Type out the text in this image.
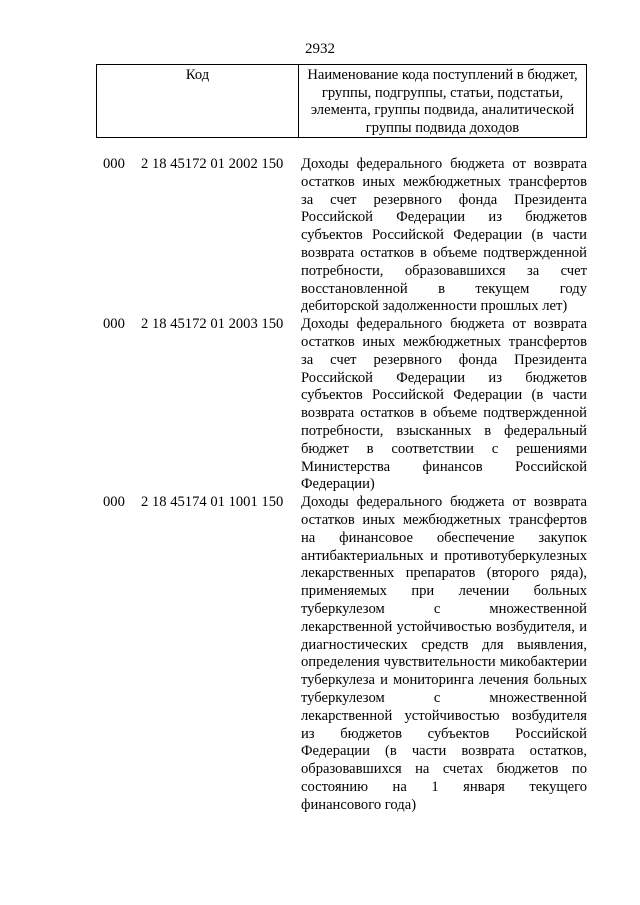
2932
Код	Наименование кода поступлений в бюджет, группы, подгруппы, статьи, подстатьи, элемента, группы подвида, аналитической группы подвида доходов
000 2 18 45172 01 2002 150 Доходы федерального бюджета от возврата остатков иных межбюджетных трансфертов за счет резервного фонда Президента Российской Федерации из бюджетов субъектов Российской Федерации (в части возврата остатков в объеме подтвержденной потребности, образовавшихся за счет восстановленной в текущем году дебиторской задолженности прошлых лет)
000 2 18 45172 01 2003 150 Доходы федерального бюджета от возврата остатков иных межбюджетных трансфертов за счет резервного фонда Президента Российской Федерации из бюджетов субъектов Российской Федерации (в части возврата остатков в объеме подтвержденной потребности, взысканных в федеральный бюджет в соответствии с решениями Министерства финансов Российской Федерации)
000 2 18 45174 01 1001 150 Доходы федерального бюджета от возврата остатков иных межбюджетных трансфертов на финансовое обеспечение закупок антибактериальных и противотуберкулезных лекарственных препаратов (второго ряда), применяемых при лечении больных туберкулезом с множественной лекарственной устойчивостью возбудителя, и диагностических средств для выявления, определения чувствительности микобактерии туберкулеза и мониторинга лечения больных туберкулезом с множественной лекарственной устойчивостью возбудителя из бюджетов субъектов Российской Федерации (в части возврата остатков, образовавшихся на счетах бюджетов по состоянию на 1 января текущего финансового года)
